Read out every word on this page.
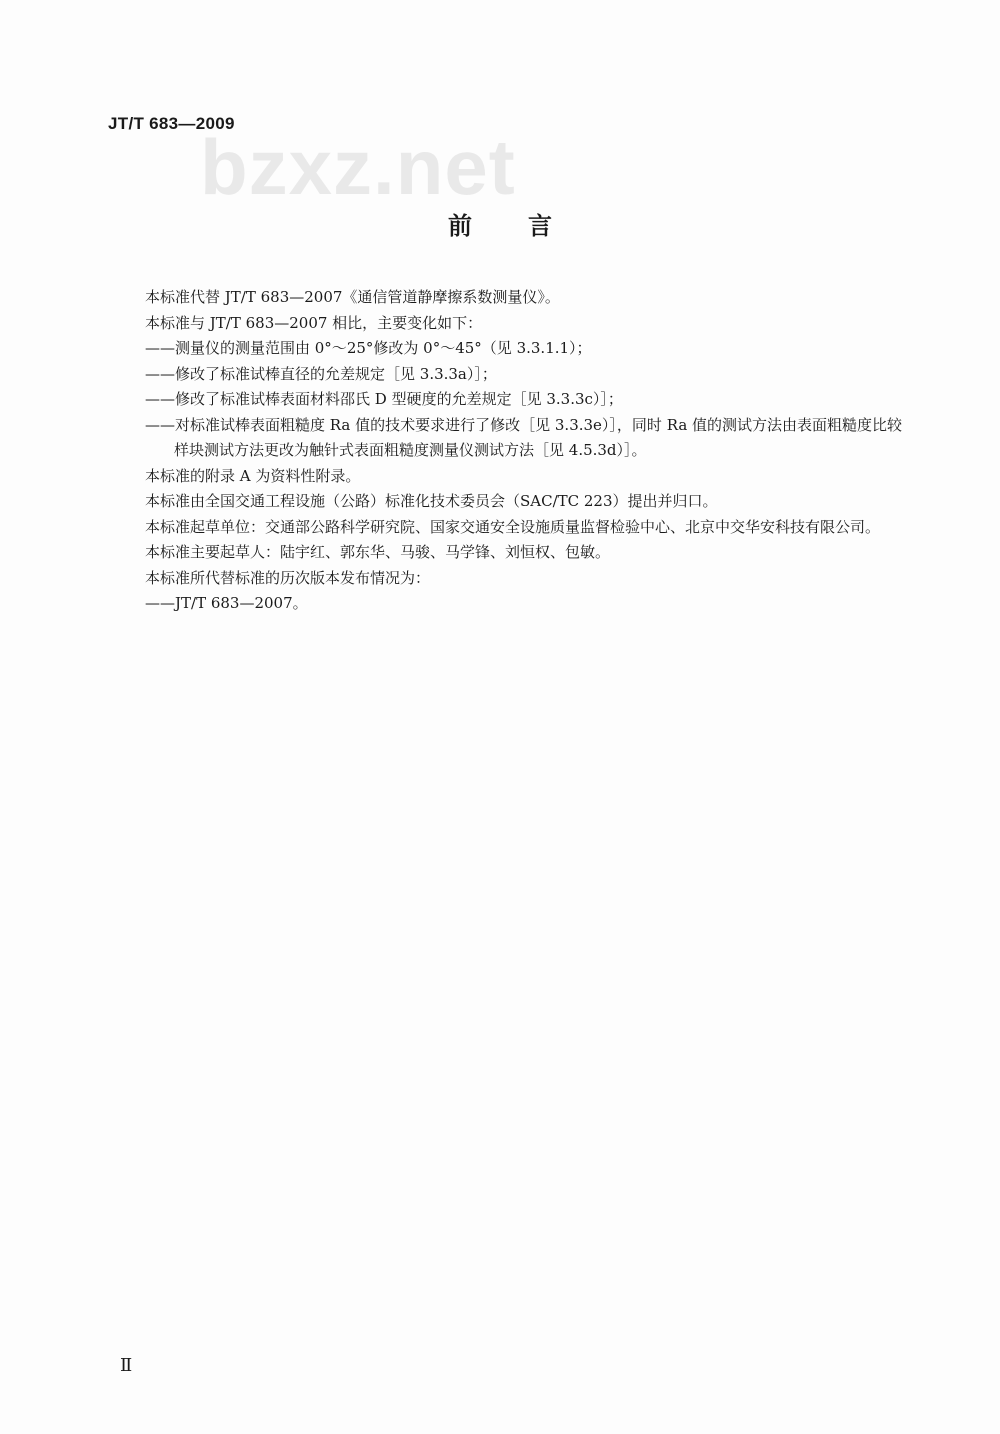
JT/T 683—2009
bzxz.net
前言

本标准代替 JT/T 683—2007《通信管道静摩擦系数测量仪》。

本标准与 JT/T 683—2007 相比，主要变化如下：

——测量仪的测量范围由 0°～25°修改为 0°～45°（见 3.3.1.1）；

——修改了标准试棒直径的允差规定［见 3.3.3a）］；

——修改了标准试棒表面材料邵氏 D 型硬度的允差规定［见 3.3.3c）］；

——对标准试棒表面粗糙度 Ra 值的技术要求进行了修改［见 3.3.3e）］，同时 Ra 值的测试方法由表面粗糙度比较样块测试方法更改为触针式表面粗糙度测量仪测试方法［见 4.5.3d）］。

本标准的附录 A 为资料性附录。

本标准由全国交通工程设施（公路）标准化技术委员会（SAC/TC 223）提出并归口。

本标准起草单位：交通部公路科学研究院、国家交通安全设施质量监督检验中心、北京中交华安科技有限公司。

本标准主要起草人：陆宇红、郭东华、马骏、马学锋、刘恒权、包敏。

本标准所代替标准的历次版本发布情况为：

——JT/T 683—2007。

Ⅱ
